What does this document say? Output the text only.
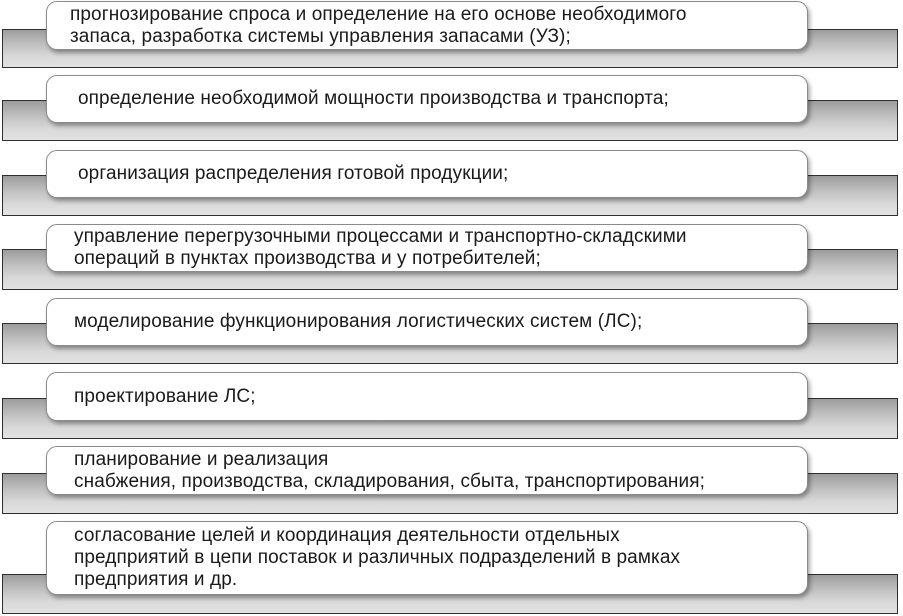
прогнозирование спроса и определение на его основе необходимого
запаса, разработка системы управления запасами (УЗ);
определение необходимой мощности производства и транспорта;
организация распределения готовой продукции;
управление перегрузочными процессами и транспортно-складскими
операций в пунктах производства и у потребителей;
моделирование функционирования логистических систем (ЛС);
проектирование ЛС;
планирование и реализация
снабжения, производства, складирования, сбыта, транспортирования;
согласование целей и координация деятельности отдельных
предприятий в цепи поставок и различных подразделений в рамках
предприятия и др.
